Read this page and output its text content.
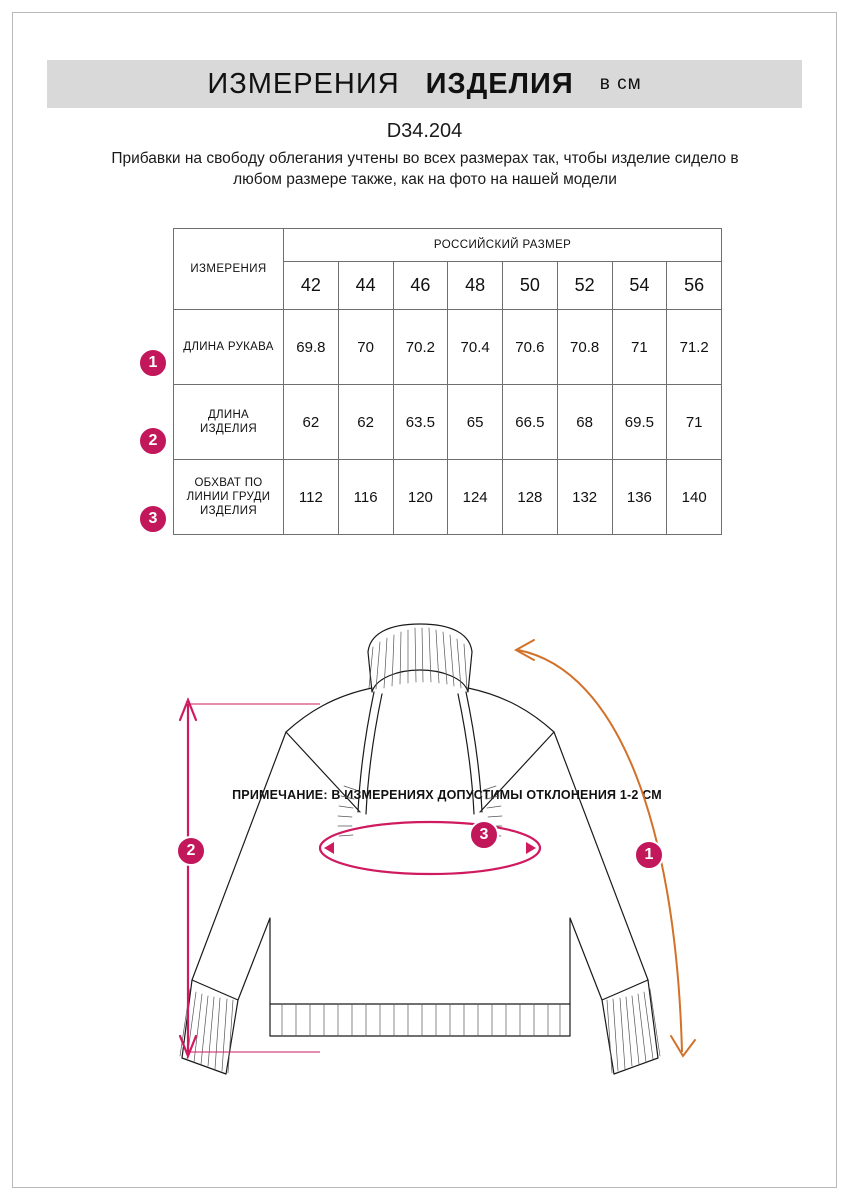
ИЗМЕРЕНИЯ ИЗДЕЛИЯ в см
D34.204
Прибавки на свободу облегания учтены во всех размерах так, чтобы изделие сидело в любом размере также, как на фото на нашей модели
ИЗМЕРЕНИЯ	РОССИЙСКИЙ РАЗМЕР							
	42	44	46	48	50	52	54	56
ДЛИНА РУКАВА	69.8	70	70.2	70.4	70.6	70.8	71	71.2
ДЛИНА ИЗДЕЛИЯ	62	62	63.5	65	66.5	68	69.5	71
ОБХВАТ ПО ЛИНИИ ГРУДИ ИЗДЕЛИЯ	112	116	120	124	128	132	136	140
ПРИМЕЧАНИЕ: В ИЗМЕРЕНИЯХ ДОПУСТИМЫ ОТКЛОНЕНИЯ 1-2 СМ
1
2
3
2
3
1
